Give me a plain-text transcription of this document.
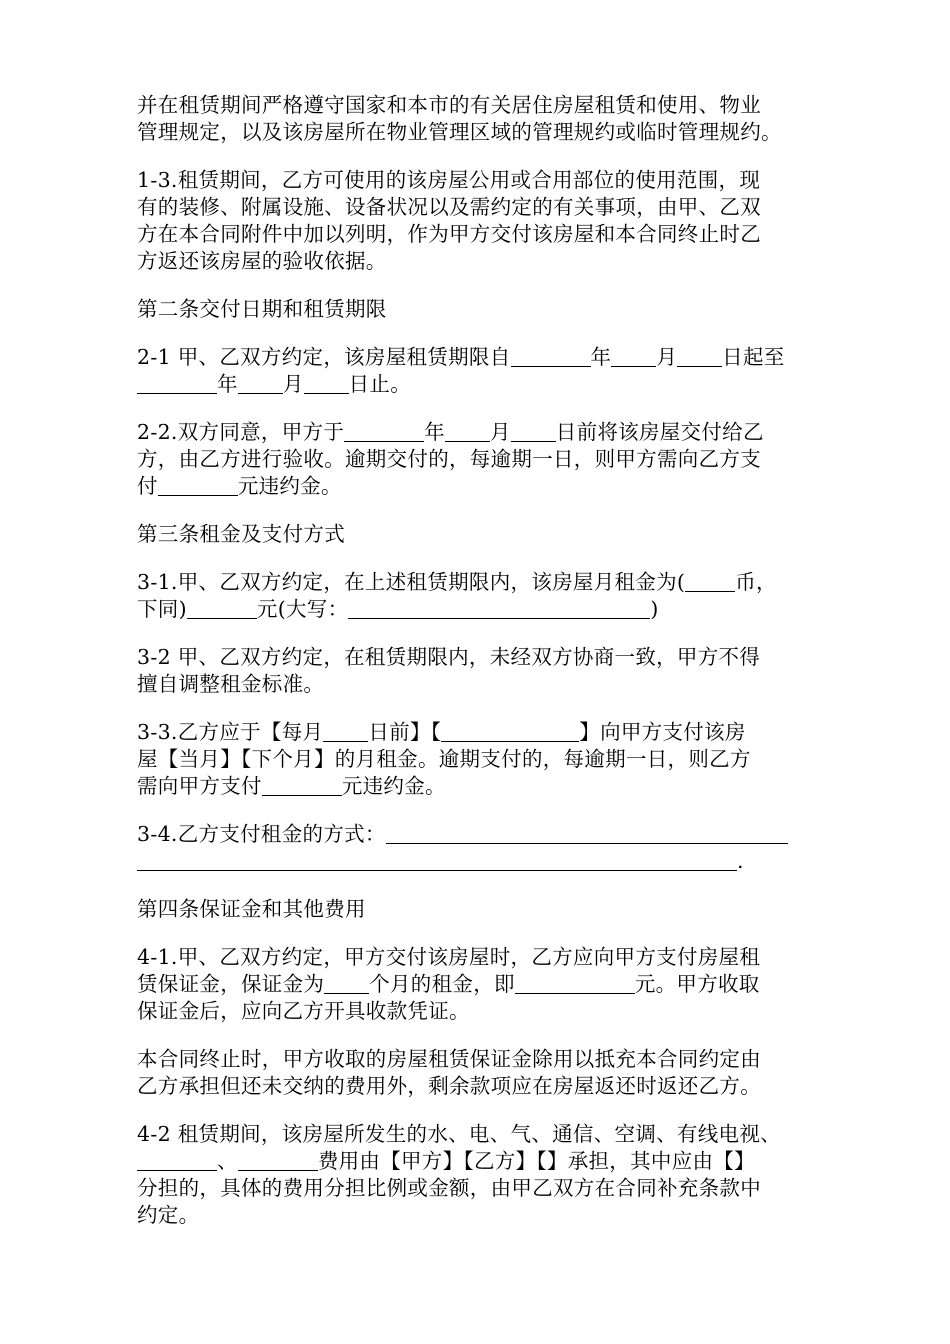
并在租赁期间严格遵守国家和本市的有关居住房屋租赁和使用、物业
管理规定，以及该房屋所在物业管理区域的管理规约或临时管理规约。
1-3.租赁期间，乙方可使用的该房屋公用或合用部位的使用范围，现
有的装修、附属设施、设备状况以及需约定的有关事项，由甲、乙双
方在本合同附件中加以列明，作为甲方交付该房屋和本合同终止时乙
方返还该房屋的验收依据。
第二条交付日期和租赁期限
2-1 甲、乙双方约定，该房屋租赁期限自	年 月 日起至
年 月 日止。
2-2.双方同意，甲方于	年 月 日前将该房屋交付给乙
方，由乙方进行验收。逾期交付的，每逾期一日，则甲方需向乙方支
付	元违约金。
第三条租金及支付方式
3-1.甲、乙双方约定，在上述租赁期限内，该房屋月租金为( 币，
下同)	元(大写：	)
3-2 甲、乙双方约定，在租赁期限内，未经双方协商一致，甲方不得
擅自调整租金标准。
3-3.乙方应于【每月 日前】【	】向甲方支付该房
屋【当月】【下个月】的月租金。逾期支付的，每逾期一日，则乙方
需向甲方支付	元违约金。
3-4.乙方支付租金的方式：
.
第四条保证金和其他费用
4-1.甲、乙双方约定，甲方交付该房屋时，乙方应向甲方支付房屋租
赁保证金，保证金为 个月的租金，即	元。甲方收取
保证金后，应向乙方开具收款凭证。
本合同终止时，甲方收取的房屋租赁保证金除用以抵充本合同约定由
乙方承担但还未交纳的费用外，剩余款项应在房屋返还时返还乙方。
4-2 租赁期间，该房屋所发生的水、电、气、通信、空调、有线电视、
、	费用由【甲方】【乙方】【】承担，其中应由【】
分担的，具体的费用分担比例或金额，由甲乙双方在合同补充条款中
约定。
